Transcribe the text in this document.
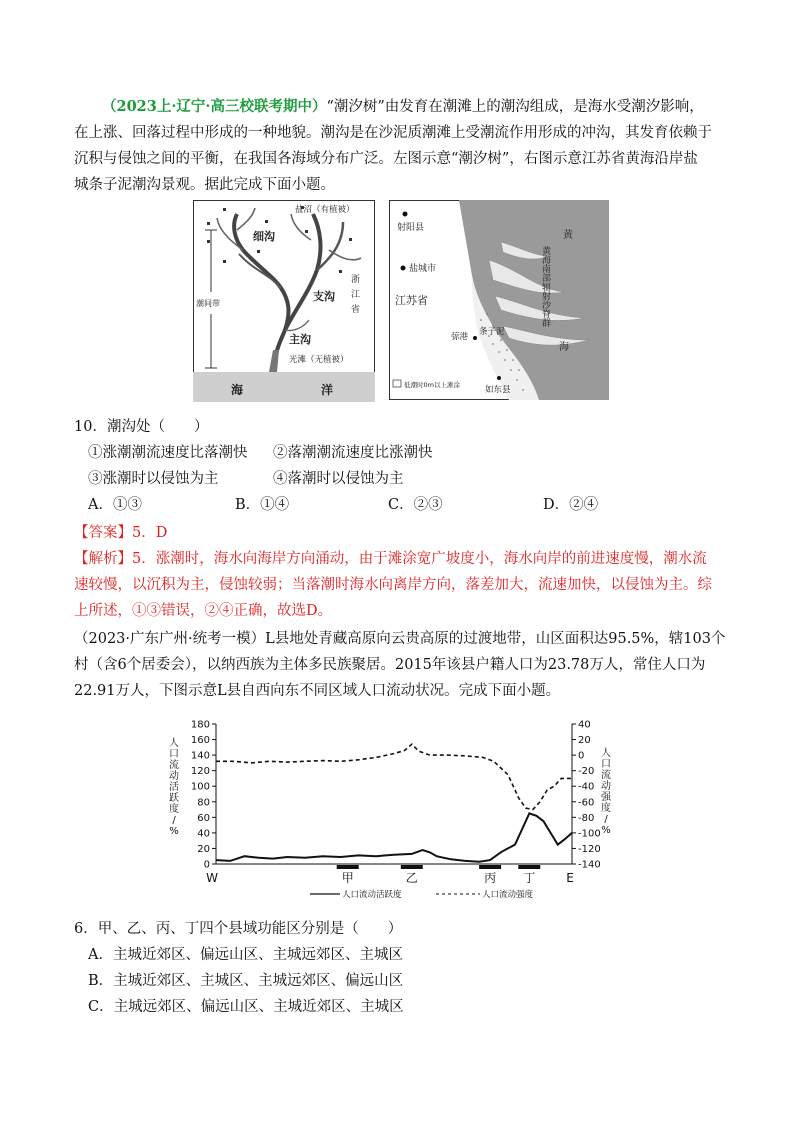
（2023上·辽宁·高三校联考期中）“潮汐树”由发育在潮滩上的潮沟组成，是海水受潮汐影响，
在上涨、回落过程中形成的一种地貌。潮沟是在沙泥质潮滩上受潮流作用形成的冲沟，其发育依赖于
沉积与侵蚀之间的平衡，在我国各海域分布广泛。左图示意“潮汐树”，右图示意江苏省黄海沿岸盐
城条子泥潮沟景观。据此完成下面小题。

潮间带
盐沼（有植被）
细沟
支沟
主沟
光滩（无植被）
浙
江
省
海	洋
射阳县
盐城市
江苏省
弶港 条子泥
如东县
黄
海
黄海南部辐射沙脊群
低潮时0m以上滩涂
10．潮沟处（　　）
①涨潮潮流速度比落潮快 ②落潮潮流速度比涨潮快
③涨潮时以侵蚀为主	④落潮时以侵蚀为主
A．①③	B．①④	C．②③	D．②④

【答案】5．D

【解析】5．涨潮时，海水向海岸方向涌动，由于滩涂宽广坡度小，海水向岸的前进速度慢，潮水流
速较慢，以沉积为主，侵蚀较弱；当落潮时海水向离岸方向，落差加大，流速加快，以侵蚀为主。综
上所述，①③错误，②④正确，故选D。

（2023·广东广州·统考一模）L县地处青藏高原向云贵高原的过渡地带，山区面积达95.5%，辖103个
村（含6个居委会），以纳西族为主体多民族聚居。2015年该县户籍人口为23.78万人，常住人口为
22.91万人，下图示意L县自西向东不同区域人口流动状况。完成下面小题。

0
20
40
60
80
100
120
140
160
180
-140
-120
-100
-80
-60
-40
-20
0
20
40
人
口
流
动
活
跃
度
/
%
人
口
流
动
强
度
/
%
甲	乙	丙 丁
W	E
人口流动活跃度	人口流动强度
6．甲、乙、丙、丁四个县域功能区分别是（　　）
A．主城近郊区、偏远山区、主城远郊区、主城区
B．主城近郊区、主城区、主城远郊区、偏远山区
C．主城远郊区、偏远山区、主城近郊区、主城区
